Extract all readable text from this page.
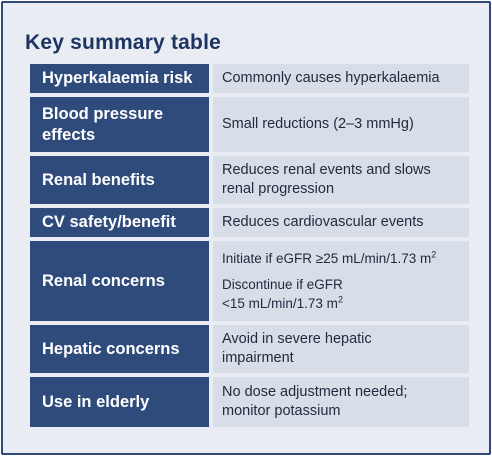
Key summary table
Hyperkalaemia risk	Commonly causes hyperkalaemia
Blood pressure
effects
Small reductions (2–3 mmHg)
Renal benefits
Reduces renal events and slows
renal progression
CV safety/benefit	Reduces cardiovascular events
Renal concerns
Initiate if eGFR ≥25 mL/min/1.73 $m^2$
Discontinue if eGFR
<15 mL/min/1.73 $m^2$
Hepatic concerns
Avoid in severe hepatic
impairment
Use in elderly
No dose adjustment needed;
monitor potassium
